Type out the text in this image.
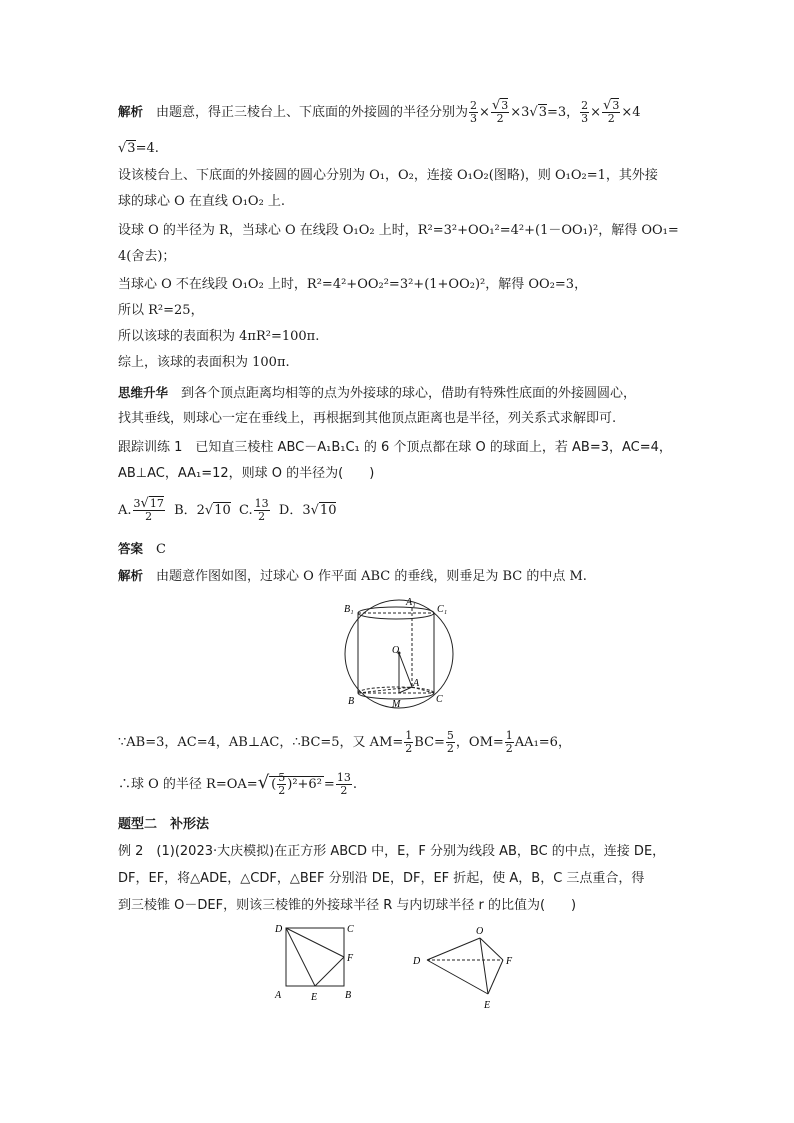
解析　 由题意，得正三棱台上、下底面的外接圆的半径分别为 $\frac{2}{3} \times \frac{√3}{2} \times 3√3=3$， $\frac{2}{3} \times \frac{√3}{2} \times 4$
√3=4.
设该棱台上、下底面的外接圆的圆心分别为 O₁，O₂，连接 O₁O₂(图略)，则 O₁O₂=1，其外接
球的球心 O 在直线 O₁O₂ 上.
设球 O 的半径为 R，当球心 O 在线段 O₁O₂ 上时，R²=3²+OO₁²=4²+(1－OO₁)²，解得 OO₁=
4(舍去)；
当球心 O 不在线段 O₁O₂ 上时，R²=4²+OO₂²=3²+(1+OO₂)²，解得 OO₂=3，
所以 R²=25，
所以该球的表面积为 4πR²=100π.
综上，该球的表面积为 100π.
思维升华　 到各个顶点距离均相等的点为外接球的球心，借助有特殊性底面的外接圆圆心，
找其垂线，则球心一定在垂线上，再根据到其他顶点距离也是半径，列关系式求解即可.
跟踪训练 1　 已知直三棱柱 ABC－A₁B₁C₁ 的 6 个顶点都在球 O 的球面上，若 AB=3，AC=4，
AB⊥AC，AA₁=12，则球 O 的半径为(　　)
A. $\frac{3√17}{2}$ B．2√10 C. $\frac{13}{2}$ D．3√10
答案　 C
解析　 由题意作图如图，过球心 O 作平面 ABC 的垂线，则垂足为 BC 的中点 M.
B₁
A₁
C₁
O
A
B	M	C
∵AB=3，AC=4，AB⊥AC，∴BC=5，又 $AM= \frac{1}{2} BC= \frac{5}{2}$ ，$OM= \frac{1}{2} AA_1=6$，
∴球 O 的半径 R=OA=√ ( $\frac{5}{2} )^2+6^2 = \frac{13}{2}$ .
题型二　补形法
例 2　 (1)(2023·大庆模拟)在正方形 ABCD 中，E，F 分别为线段 AB，BC 的中点，连接 DE，
DF，EF，将△ADE，△CDF，△BEF 分别沿 DE，DF，EF 折起，使 A，B，C 三点重合，得
到三棱锥 O－DEF，则该三棱锥的外接球半径 R 与内切球半径 r 的比值为(　　)
D	C
F
A	E	B
O
D	F
E
